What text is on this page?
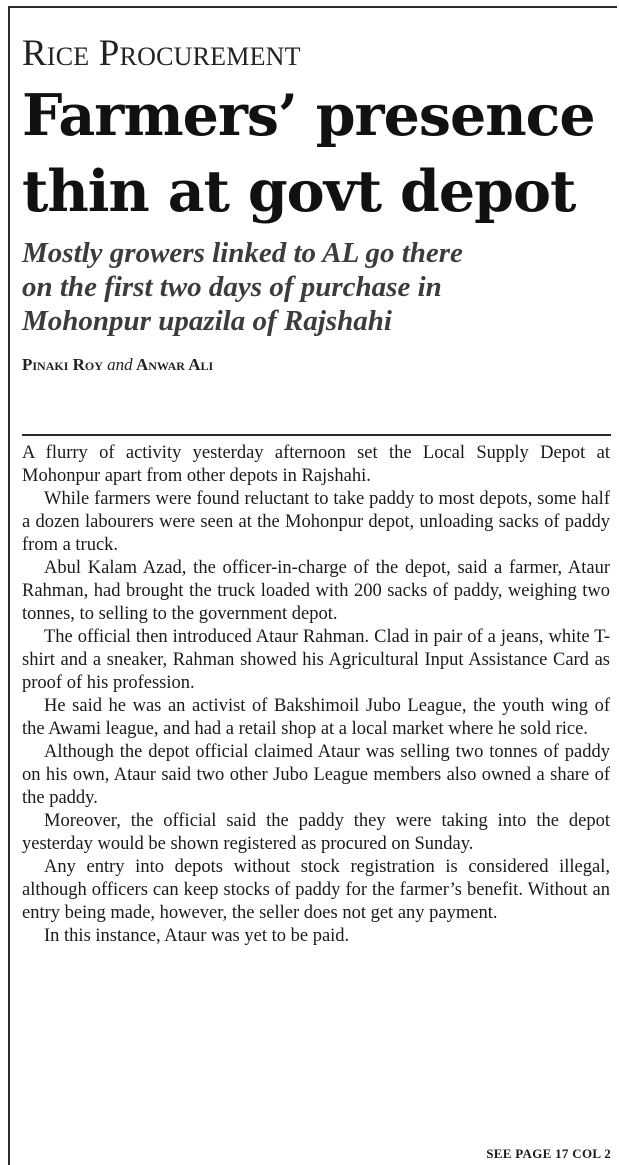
Rice Procurement
Farmers’ presence
thin at govt depot
Mostly growers linked to AL go there
on the first two days of purchase in
Mohonpur upazila of Rajshahi
Pinaki Roy and Anwar Ali

A flurry of activity yesterday afternoon set the Local Supply Depot at Mohonpur apart from other depots in Rajshahi.

While farmers were found reluctant to take paddy to most depots, some half a dozen labourers were seen at the Mohonpur depot, unloading sacks of paddy from a truck.

Abul Kalam Azad, the officer-in-charge of the depot, said a farmer, Ataur Rahman, had brought the truck loaded with 200 sacks of paddy, weighing two tonnes, to selling to the government depot.

The official then introduced Ataur Rahman. Clad in pair of a jeans, white T-shirt and a sneaker, Rahman showed his Agricultural Input Assistance Card as proof of his profession.

He said he was an activist of Bakshimoil Jubo League, the youth wing of the Awami league, and had a retail shop at a local market where he sold rice.

Although the depot official claimed Ataur was selling two tonnes of paddy on his own, Ataur said two other Jubo League members also owned a share of the paddy.

Moreover, the official said the paddy they were taking into the depot yesterday would be shown registered as procured on Sunday.

Any entry into depots without stock registration is considered illegal, although officers can keep stocks of paddy for the farmer’s benefit. Without an entry being made, however, the seller does not get any payment.

In this instance, Ataur was yet to be paid.

SEE PAGE 17 COL 2
